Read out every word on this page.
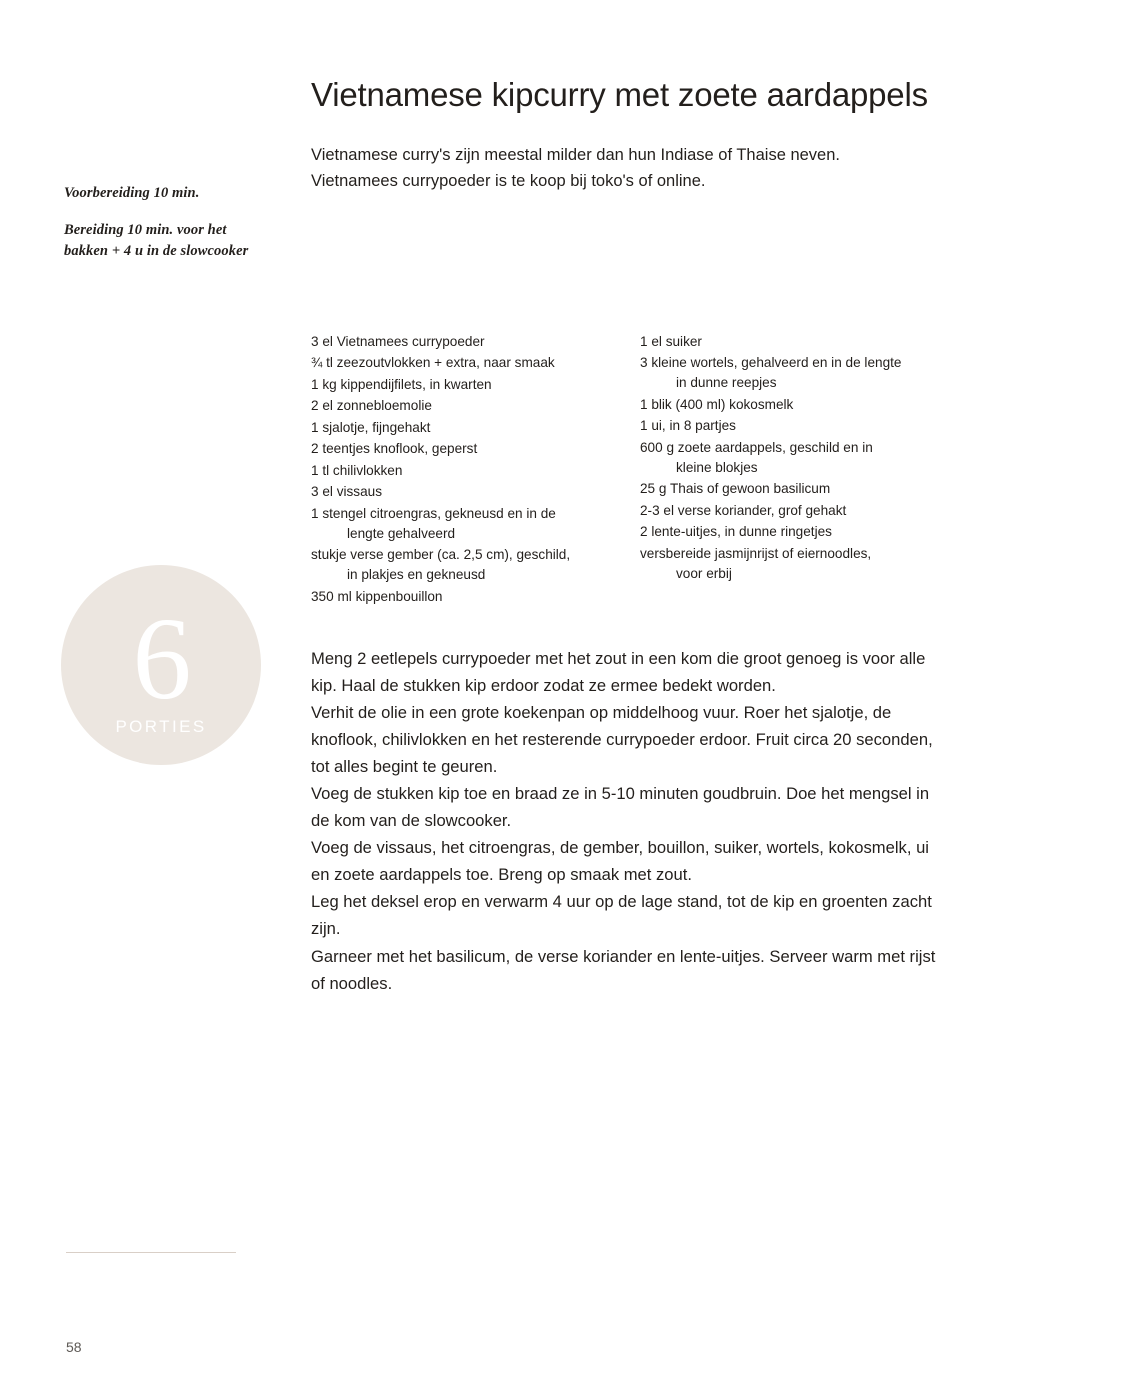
Voorbereiding 10 min.
Bereiding 10 min. voor het bakken + 4 u in de slowcooker
6
PORTIES
Vietnamese kipcurry met zoete aardappels

Vietnamese curry's zijn meestal milder dan hun Indiase of Thaise neven. Vietnamees currypoeder is te koop bij toko's of online.

3 el Vietnamees currypoeder
¾ tl zeezoutvlokken + extra, naar smaak
1 kg kippendijfilets, in kwarten
2 el zonnebloemolie
1 sjalotje, fijngehakt
2 teentjes knoflook, geperst
1 tl chilivlokken
3 el vissaus
1 stengel citroengras, gekneusd en in de
lengte gehalveerd
stukje verse gember (ca. 2,5 cm), geschild,
in plakjes en gekneusd
350 ml kippenbouillon
1 el suiker
3 kleine wortels, gehalveerd en in de lengte
in dunne reepjes
1 blik (400 ml) kokosmelk
1 ui, in 8 partjes
600 g zoete aardappels, geschild en in
kleine blokjes
25 g Thais of gewoon basilicum
2-3 el verse koriander, grof gehakt
2 lente-uitjes, in dunne ringetjes
versbereide jasmijnrijst of eiernoodles,
voor erbij

Meng 2 eetlepels currypoeder met het zout in een kom die groot genoeg is voor alle kip. Haal de stukken kip erdoor zodat ze ermee bedekt worden.

Verhit de olie in een grote koekenpan op middelhoog vuur. Roer het sjalotje, de knoflook, chilivlokken en het resterende currypoeder erdoor. Fruit circa 20 seconden, tot alles begint te geuren.

Voeg de stukken kip toe en braad ze in 5-10 minuten goudbruin. Doe het mengsel in de kom van de slowcooker.

Voeg de vissaus, het citroengras, de gember, bouillon, suiker, wortels, kokosmelk, ui en zoete aardappels toe. Breng op smaak met zout.

Leg het deksel erop en verwarm 4 uur op de lage stand, tot de kip en groenten zacht zijn.

Garneer met het basilicum, de verse koriander en lente-uitjes. Serveer warm met rijst of noodles.

58
